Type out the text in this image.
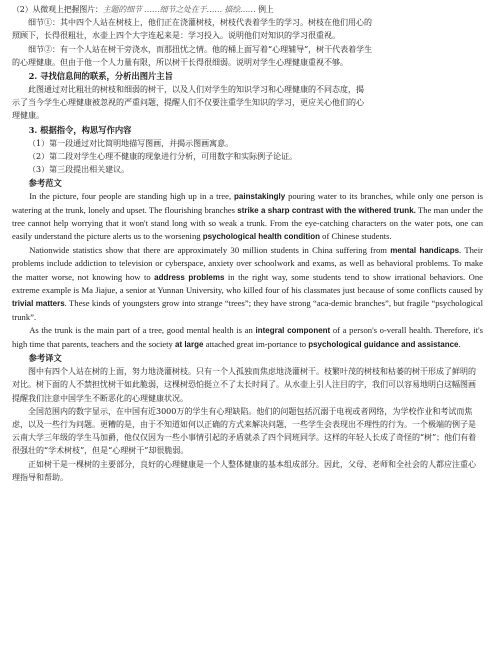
（2）从微观上把握图片：主题的细节 ……细节之处在于…… 描绘…… 例上
细节①：其中四个人站在树枝上，他们正在浇灌树枝，树枝代表着学生的学习。树枝在他们用心的
照顾下，长得很粗壮，水壶上四个大字连起来是：学习投入。说明他们对知识的学习很重视。
细节②：有一个人站在树干旁浇水，而那扭忧之情。他的桶上面写着“心理辅导”，树干代表着学生
的心理健康。但由于他一个人力量有限，所以树干长得很细弱。说明对学生心理健康重视不够。
2. 寻找信息间的联系，分析出图片主旨
此图通过对比粗壮的树枝和细弱的树干，以及人们对学生的知识学习和心理健康的不同态度，揭
示了当今学生心理健康被忽视的严重问题，提醒人们不仅要注重学生知识的学习，更应关心他们的心
理健康。
3. 根据指令，构思写作内容
（1）第一段通过对比简明地描写图画，并揭示图画寓意。
（2）第二段对学生心理不健康的现象进行分析，可用数字和实际例子论证。
（3）第三段提出相关建议。
参考范文
In the picture, four people are standing high up in a tree, painstakingly pouring water to its branches, while only one person is watering at the trunk, lonely and upset. The flourishing branches strike a sharp contrast with the withered trunk. The man under the tree cannot help worrying that it won't stand long with so weak a trunk. From the eye-catching characters on the water pots, one can easily understand the picture alerts us to the worsening psychological health condition of Chinese students.
Nationwide statistics show that there are approximately 30 million students in China suffering from mental handicaps. Their problems include addiction to television or cyberspace, anxiety over schoolwork and exams, as well as behavioral problems. To make the matter worse, not knowing how to address problems in the right way, some students tend to show irrational behaviors. One extreme example is Ma Jiajue, a senior at Yunnan University, who killed four of his classmates just because of some conflicts caused by trivial matters. These kinds of youngsters grow into strange “trees”; they have strong “aca-demic branches”, but fragile “psychological trunk”.
As the trunk is the main part of a tree, good mental health is an integral component of a person's o-verall health. Therefore, it's high time that parents, teachers and the society at large attached great im-portance to psychological guidance and assistance.
参考译文
图中有四个人站在树的上面，努力地浇灌树枝。只有一个人孤独而焦虑地浇灌树干。枝繁叶茂的树枝和枯萎的树干形成了鲜明的对比。树下面的人不禁担忧树干如此脆弱，这棵树恐怕挺立不了太长时间了。从水壶上引人注目的字，我们可以容易地明白这幅图画提醒我们注意中国学生不断恶化的心理健康状况。
全国范围内的数字显示，在中国有近3000万的学生有心理缺陷。他们的问题包括沉溺于电视或者网络，为学校作业和考试而焦虑，以及一些行为问题。更糟的是，由于不知道如何以正确的方式来解决问题，一些学生会表现出不理性的行为。一个极端的例子是云南大学三年级的学生马加爵，他仅仅因为一些小事情引起的矛盾就杀了四个同班同学。这样的年轻人长成了奇怪的“树”；他们有着很强壮的“学术树枝”，但是“心理树干”却很脆弱。
正如树干是一棵树的主要部分，良好的心理健康是一个人整体健康的基本组成部分。因此，父母、老师和全社会的人都应注重心理指导和帮助。
